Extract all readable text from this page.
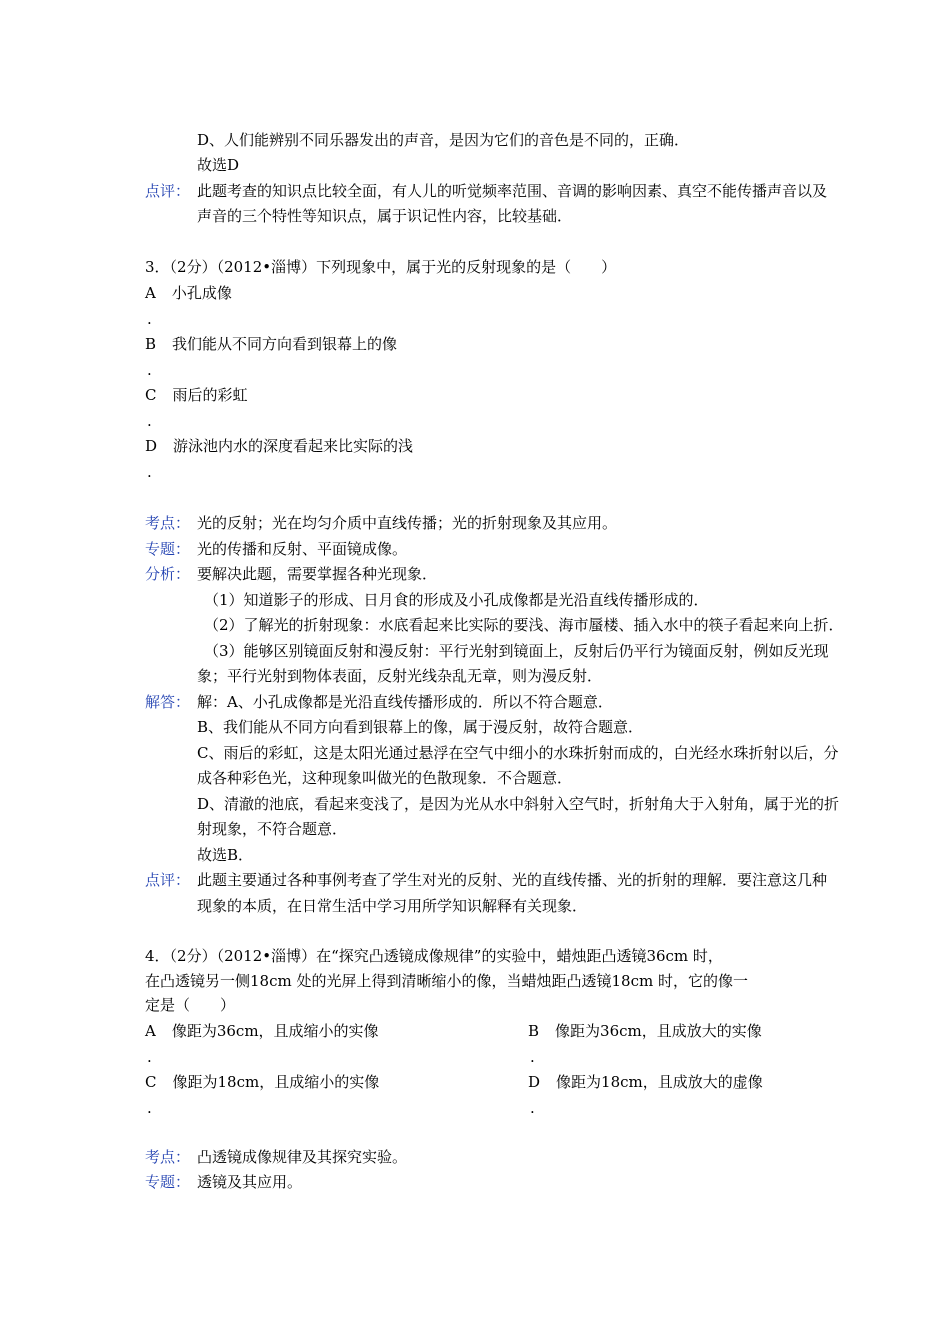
D、人们能辨别不同乐器发出的声音，是因为它们的音色是不同的，正确．
故选D
点评： 此题考查的知识点比较全面，有人儿的听觉频率范围、音调的影响因素、真空不能传播声音以及
声音的三个特性等知识点，属于识记性内容，比较基础．
3．（2分）（2012•淄博）下列现象中，属于光的反射现象的是（　　）
A 小孔成像
.
B 我们能从不同方向看到银幕上的像
.
C 雨后的彩虹
.
D 游泳池内水的深度看起来比实际的浅
.
考点： 光的反射；光在均匀介质中直线传播；光的折射现象及其应用。
专题： 光的传播和反射、平面镜成像。
分析： 要解决此题，需要掌握各种光现象．
（1）知道影子的形成、日月食的形成及小孔成像都是光沿直线传播形成的．
（2）了解光的折射现象：水底看起来比实际的要浅、海市蜃楼、插入水中的筷子看起来向上折．
（3）能够区别镜面反射和漫反射：平行光射到镜面上，反射后仍平行为镜面反射，例如反光现
象；平行光射到物体表面，反射光线杂乱无章，则为漫反射．
解答： 解：A、小孔成像都是光沿直线传播形成的．所以不符合题意．
B、我们能从不同方向看到银幕上的像，属于漫反射，故符合题意．
C、雨后的彩虹，这是太阳光通过悬浮在空气中细小的水珠折射而成的，白光经水珠折射以后，分
成各种彩色光，这种现象叫做光的色散现象．不合题意．
D、清澈的池底，看起来变浅了，是因为光从水中斜射入空气时，折射角大于入射角，属于光的折
射现象，不符合题意．
故选B．
点评： 此题主要通过各种事例考查了学生对光的反射、光的直线传播、光的折射的理解．要注意这几种
现象的本质，在日常生活中学习用所学知识解释有关现象．
4．（2分）（2012•淄博）在“探究凸透镜成像规律”的实验中，蜡烛距凸透镜36cm 时，
在凸透镜另一侧18cm 处的光屏上得到清晰缩小的像，当蜡烛距凸透镜18cm 时，它的像一
定是（　　）
A 像距为36cm，且成缩小的实像
.
B 像距为36cm，且成放大的实像
.
C 像距为18cm，且成缩小的实像
.
D 像距为18cm，且成放大的虚像
.
考点： 凸透镜成像规律及其探究实验。
专题： 透镜及其应用。
